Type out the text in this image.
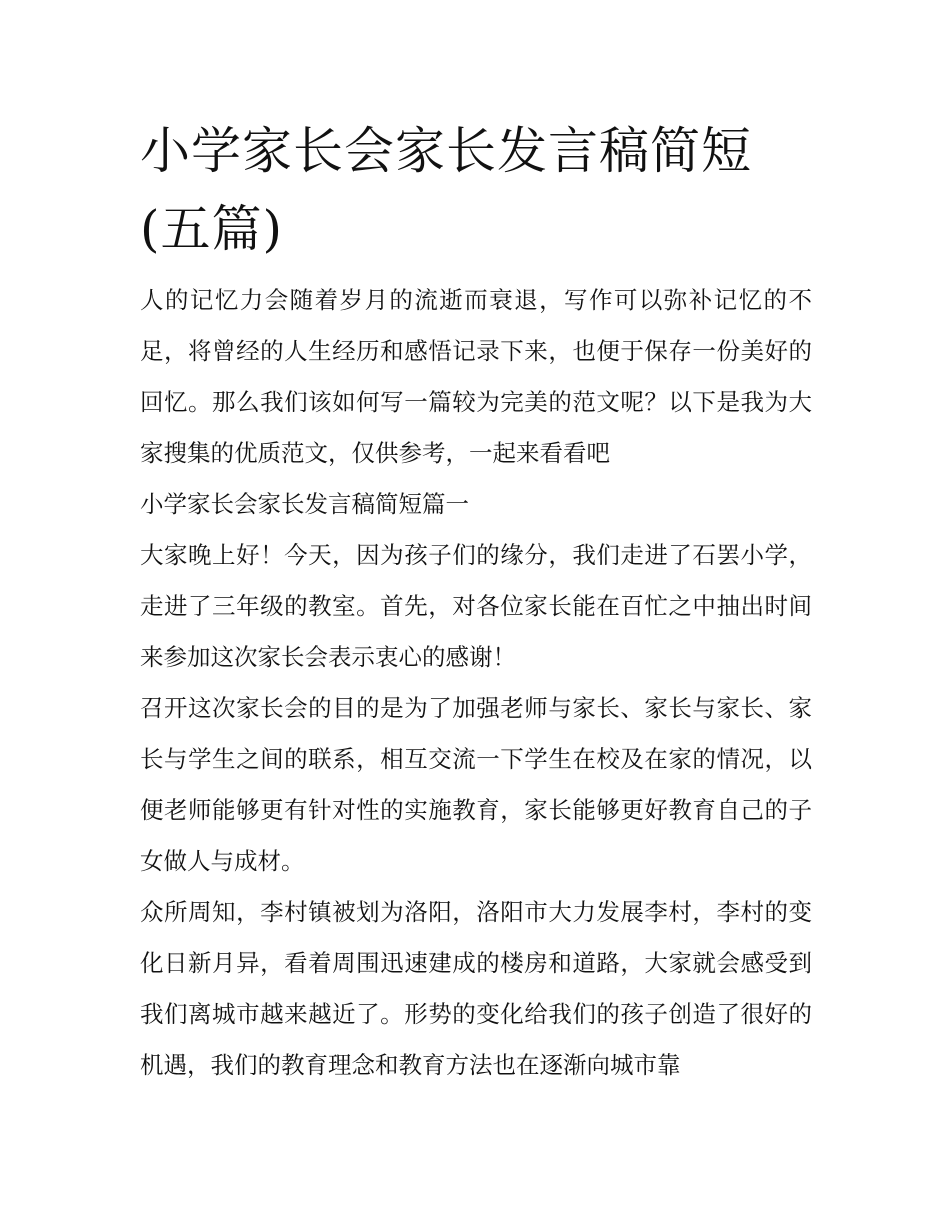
小学家长会家长发言稿简短(五篇)

人的记忆力会随着岁月的流逝而衰退，写作可以弥补记忆的不足，将曾经的人生经历和感悟记录下来，也便于保存一份美好的回忆。那么我们该如何写一篇较为完美的范文呢？以下是我为大家搜集的优质范文，仅供参考，一起来看看吧

小学家长会家长发言稿简短篇一

大家晚上好！今天，因为孩子们的缘分，我们走进了石罢小学，走进了三年级的教室。首先，对各位家长能在百忙之中抽出时间来参加这次家长会表示衷心的感谢！

召开这次家长会的目的是为了加强老师与家长、家长与家长、家长与学生之间的联系，相互交流一下学生在校及在家的情况，以便老师能够更有针对性的实施教育，家长能够更好教育自己的子女做人与成材。

众所周知，李村镇被划为洛阳，洛阳市大力发展李村，李村的变化日新月异，看着周围迅速建成的楼房和道路，大家就会感受到我们离城市越来越近了。形势的变化给我们的孩子创造了很好的机遇，我们的教育理念和教育方法也在逐渐向城市靠
